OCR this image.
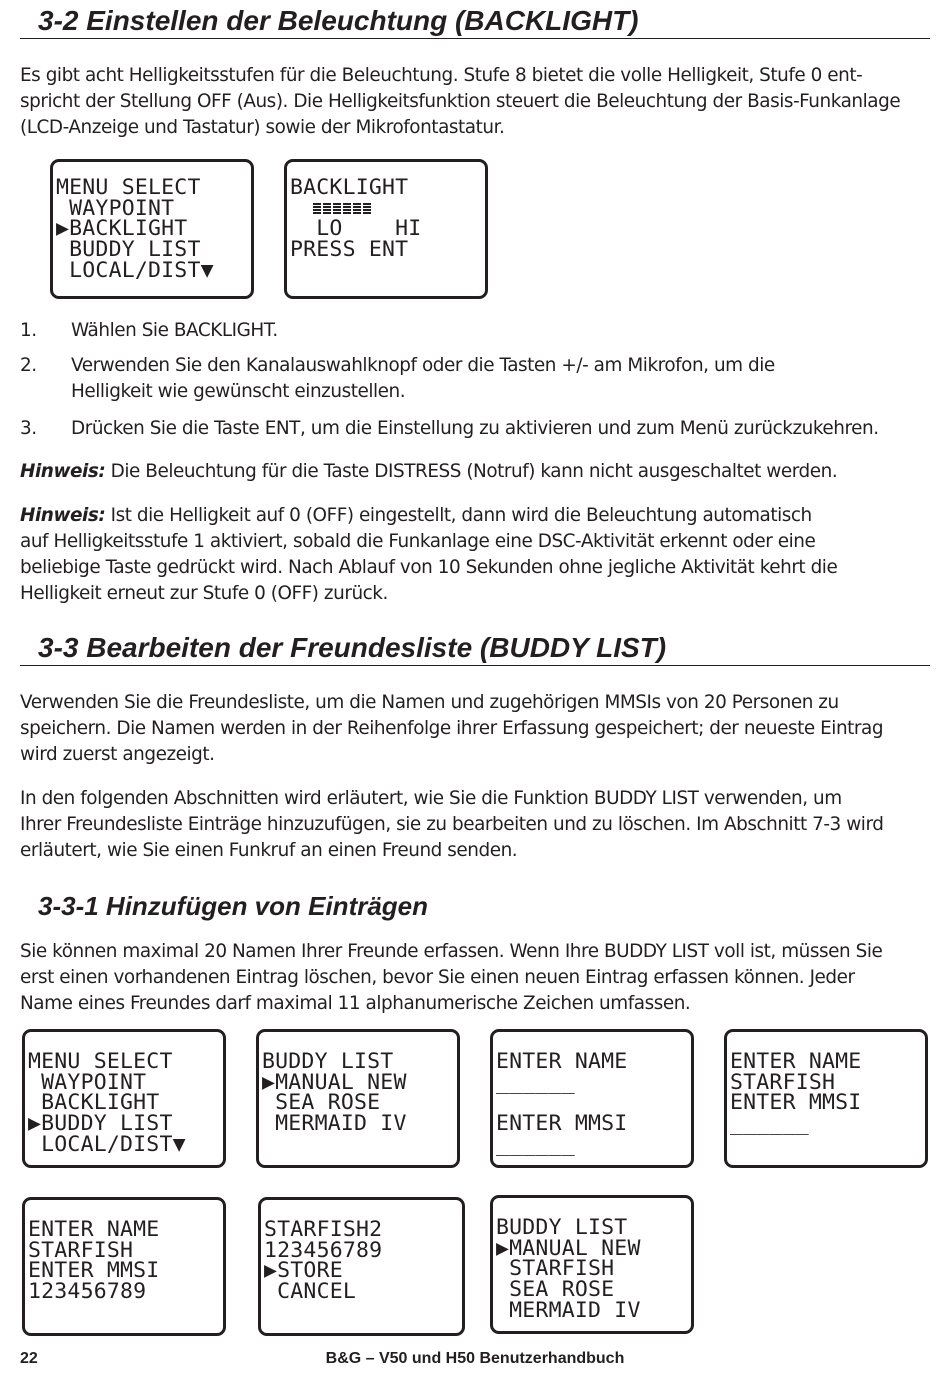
3-2 Einstellen der Beleuchtung (BACKLIGHT)
Es gibt acht Helligkeitsstufen für die Beleuchtung. Stufe 8 bietet die volle Helligkeit, Stufe 0 ent-
spricht der Stellung OFF (Aus). Die Helligkeitsfunktion steuert die Beleuchtung der Basis-Funkanlage
(LCD-Anzeige und Tastatur) sowie der Mikrofontastatur.
MENU SELECT
WAYPOINT
▶BACKLIGHT
BUDDY LIST
LOCAL/DIST▼
BACKLIGHT
LO    HI
PRESS ENT
1. Wählen Sie BACKLIGHT.
2. Verwenden Sie den Kanalauswahlknopf oder die Tasten +/- am Mikrofon, um die
Helligkeit wie gewünscht einzustellen.
3. Drücken Sie die Taste ENT, um die Einstellung zu aktivieren und zum Menü zurückzukehren.
Hinweis: Die Beleuchtung für die Taste DISTRESS (Notruf) kann nicht ausgeschaltet werden.
Hinweis: Ist die Helligkeit auf 0 (OFF) eingestellt, dann wird die Beleuchtung automatisch
auf Helligkeitsstufe 1 aktiviert, sobald die Funkanlage eine DSC-Aktivität erkennt oder eine
beliebige Taste gedrückt wird. Nach Ablauf von 10 Sekunden ohne jegliche Aktivität kehrt die
Helligkeit erneut zur Stufe 0 (OFF) zurück.
3-3 Bearbeiten der Freundesliste (BUDDY LIST)
Verwenden Sie die Freundesliste, um die Namen und zugehörigen MMSIs von 20 Personen zu
speichern. Die Namen werden in der Reihenfolge ihrer Erfassung gespeichert; der neueste Eintrag
wird zuerst angezeigt.
In den folgenden Abschnitten wird erläutert, wie Sie die Funktion BUDDY LIST verwenden, um
Ihrer Freundesliste Einträge hinzuzufügen, sie zu bearbeiten und zu löschen. Im Abschnitt 7-3 wird
erläutert, wie Sie einen Funkruf an einen Freund senden.
3-3-1 Hinzufügen von Einträgen
Sie können maximal 20 Namen Ihrer Freunde erfassen. Wenn Ihre BUDDY LIST voll ist, müssen Sie
erst einen vorhandenen Eintrag löschen, bevor Sie einen neuen Eintrag erfassen können. Jeder
Name eines Freundes darf maximal 11 alphanumerische Zeichen umfassen.
MENU SELECT
WAYPOINT
BACKLIGHT
▶BUDDY LIST
LOCAL/DIST▼
BUDDY LIST
▶MANUAL NEW
SEA ROSE
MERMAID IV
ENTER NAME
______
ENTER MMSI
______
ENTER NAME
STARFISH
ENTER MMSI
______
ENTER NAME
STARFISH
ENTER MMSI
123456789
STARFISH2
123456789
▶STORE
CANCEL
BUDDY LIST
▶MANUAL NEW
STARFISH
SEA ROSE
MERMAID IV
22	B&G – V50 und H50 Benutzerhandbuch
